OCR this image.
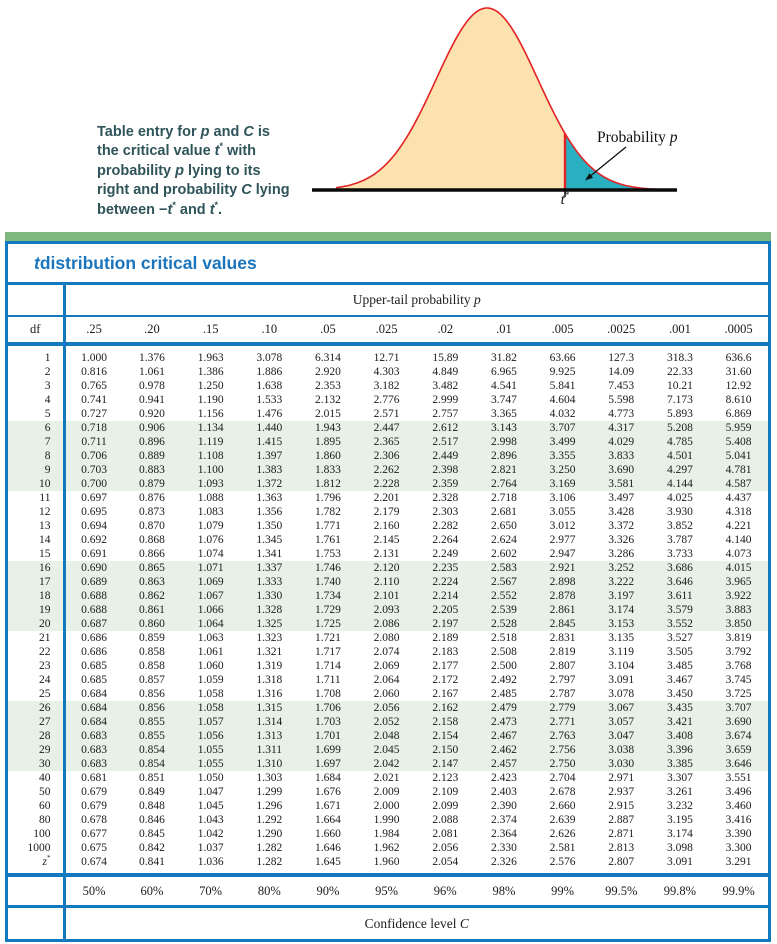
Table entry for p and C is
the critical value t* with
probability p lying to its
right and probability C lying
between −t* and t*.
Probability p
t*
t distribution critical values
	Upper-tail probability p											
df	.25	.20	.15	.10	.05	.025	.02	.01	.005	.0025	.001	.0005
1	1.000	1.376	1.963	3.078	6.314	12.71	15.89	31.82	63.66	127.3	318.3	636.6
2	0.816	1.061	1.386	1.886	2.920	4.303	4.849	6.965	9.925	14.09	22.33	31.60
3	0.765	0.978	1.250	1.638	2.353	3.182	3.482	4.541	5.841	7.453	10.21	12.92
4	0.741	0.941	1.190	1.533	2.132	2.776	2.999	3.747	4.604	5.598	7.173	8.610
5	0.727	0.920	1.156	1.476	2.015	2.571	2.757	3.365	4.032	4.773	5.893	6.869
6	0.718	0.906	1.134	1.440	1.943	2.447	2.612	3.143	3.707	4.317	5.208	5.959
7	0.711	0.896	1.119	1.415	1.895	2.365	2.517	2.998	3.499	4.029	4.785	5.408
8	0.706	0.889	1.108	1.397	1.860	2.306	2.449	2.896	3.355	3.833	4.501	5.041
9	0.703	0.883	1.100	1.383	1.833	2.262	2.398	2.821	3.250	3.690	4.297	4.781
10	0.700	0.879	1.093	1.372	1.812	2.228	2.359	2.764	3.169	3.581	4.144	4.587
11	0.697	0.876	1.088	1.363	1.796	2.201	2.328	2.718	3.106	3.497	4.025	4.437
12	0.695	0.873	1.083	1.356	1.782	2.179	2.303	2.681	3.055	3.428	3.930	4.318
13	0.694	0.870	1.079	1.350	1.771	2.160	2.282	2.650	3.012	3.372	3.852	4.221
14	0.692	0.868	1.076	1.345	1.761	2.145	2.264	2.624	2.977	3.326	3.787	4.140
15	0.691	0.866	1.074	1.341	1.753	2.131	2.249	2.602	2.947	3.286	3.733	4.073
16	0.690	0.865	1.071	1.337	1.746	2.120	2.235	2.583	2.921	3.252	3.686	4.015
17	0.689	0.863	1.069	1.333	1.740	2.110	2.224	2.567	2.898	3.222	3.646	3.965
18	0.688	0.862	1.067	1.330	1.734	2.101	2.214	2.552	2.878	3.197	3.611	3.922
19	0.688	0.861	1.066	1.328	1.729	2.093	2.205	2.539	2.861	3.174	3.579	3.883
20	0.687	0.860	1.064	1.325	1.725	2.086	2.197	2.528	2.845	3.153	3.552	3.850
21	0.686	0.859	1.063	1.323	1.721	2.080	2.189	2.518	2.831	3.135	3.527	3.819
22	0.686	0.858	1.061	1.321	1.717	2.074	2.183	2.508	2.819	3.119	3.505	3.792
23	0.685	0.858	1.060	1.319	1.714	2.069	2.177	2.500	2.807	3.104	3.485	3.768
24	0.685	0.857	1.059	1.318	1.711	2.064	2.172	2.492	2.797	3.091	3.467	3.745
25	0.684	0.856	1.058	1.316	1.708	2.060	2.167	2.485	2.787	3.078	3.450	3.725
26	0.684	0.856	1.058	1.315	1.706	2.056	2.162	2.479	2.779	3.067	3.435	3.707
27	0.684	0.855	1.057	1.314	1.703	2.052	2.158	2.473	2.771	3.057	3.421	3.690
28	0.683	0.855	1.056	1.313	1.701	2.048	2.154	2.467	2.763	3.047	3.408	3.674
29	0.683	0.854	1.055	1.311	1.699	2.045	2.150	2.462	2.756	3.038	3.396	3.659
30	0.683	0.854	1.055	1.310	1.697	2.042	2.147	2.457	2.750	3.030	3.385	3.646
40	0.681	0.851	1.050	1.303	1.684	2.021	2.123	2.423	2.704	2.971	3.307	3.551
50	0.679	0.849	1.047	1.299	1.676	2.009	2.109	2.403	2.678	2.937	3.261	3.496
60	0.679	0.848	1.045	1.296	1.671	2.000	2.099	2.390	2.660	2.915	3.232	3.460
80	0.678	0.846	1.043	1.292	1.664	1.990	2.088	2.374	2.639	2.887	3.195	3.416
100	0.677	0.845	1.042	1.290	1.660	1.984	2.081	2.364	2.626	2.871	3.174	3.390
1000	0.675	0.842	1.037	1.282	1.646	1.962	2.056	2.330	2.581	2.813	3.098	3.300
z*	0.674	0.841	1.036	1.282	1.645	1.960	2.054	2.326	2.576	2.807	3.091	3.291
	50%	60%	70%	80%	90%	95%	96%	98%	99%	99.5%	99.8%	99.9%
	Confidence level C											
